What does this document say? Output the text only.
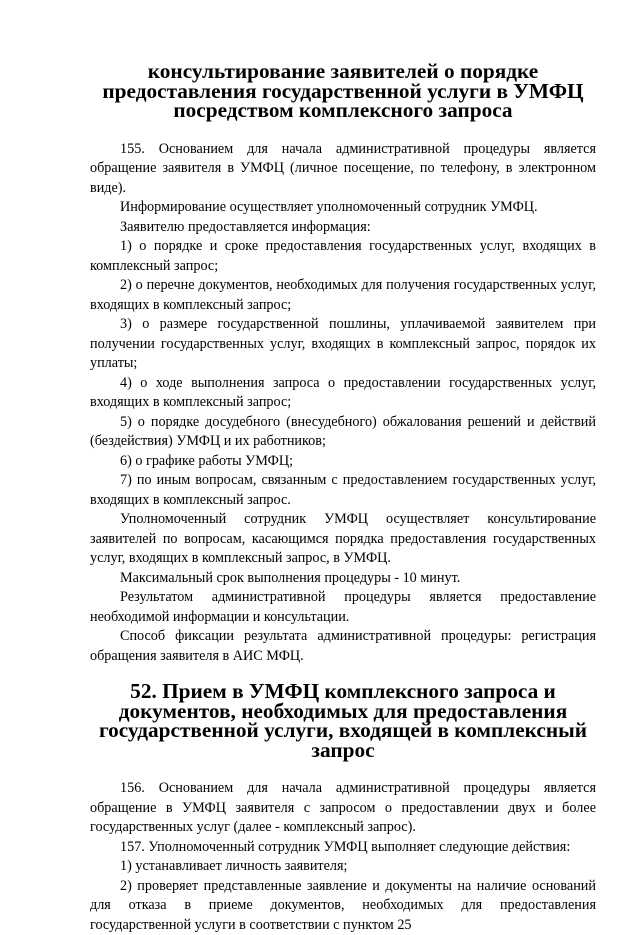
консультирование заявителей о порядке предоставления государственной услуги в УМФЦ посредством комплексного запроса

155. Основанием для начала административной процедуры является обращение заявителя в УМФЦ (личное посещение, по телефону, в электронном виде).

Информирование осуществляет уполномоченный сотрудник УМФЦ.

Заявителю предоставляется информация:

1) о порядке и сроке предоставления государственных услуг, входящих в комплексный запрос;

2) о перечне документов, необходимых для получения государственных услуг, входящих в комплексный запрос;

3) о размере государственной пошлины, уплачиваемой заявителем при получении государственных услуг, входящих в комплексный запрос, порядок их уплаты;

4) о ходе выполнения запроса о предоставлении государственных услуг, входящих в комплексный запрос;

5) о порядке досудебного (внесудебного) обжалования решений и действий (бездействия) УМФЦ и их работников;

6) о графике работы УМФЦ;

7) по иным вопросам, связанным с предоставлением государственных услуг, входящих в комплексный запрос.

Уполномоченный сотрудник УМФЦ осуществляет консультирование заявителей по вопросам, касающимся порядка предоставления государственных услуг, входящих в комплексный запрос, в УМФЦ.

Максимальный срок выполнения процедуры - 10 минут.

Результатом административной процедуры является предоставление необходимой информации и консультации.

Способ фиксации результата административной процедуры: регистрация обращения заявителя в АИС МФЦ.

52. Прием в УМФЦ комплексного запроса и документов, необходимых для предоставления государственной услуги, входящей в комплексный запрос

156. Основанием для начала административной процедуры является обращение в УМФЦ заявителя с запросом о предоставлении двух и более государственных услуг (далее - комплексный запрос).

157. Уполномоченный сотрудник УМФЦ выполняет следующие действия:

1) устанавливает личность заявителя;

2) проверяет представленные заявление и документы на наличие оснований для отказа в приеме документов, необходимых для предоставления государственной услуги в соответствии с пунктом 25
